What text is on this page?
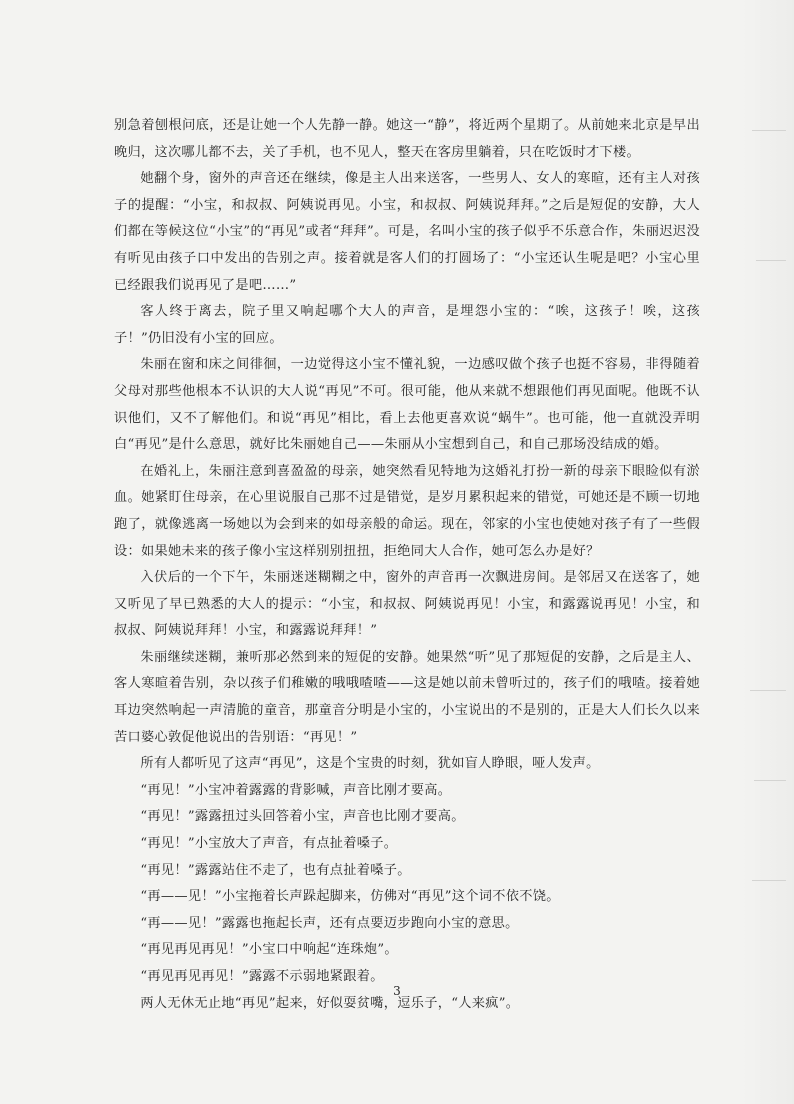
别急着刨根问底，还是让她一个人先静一静。她这一“静”，将近两个星期了。从前她来北京是早出晚归，这次哪儿都不去，关了手机，也不见人，整天在客房里躺着，只在吃饭时才下楼。

她翻个身，窗外的声音还在继续，像是主人出来送客，一些男人、女人的寒暄，还有主人对孩子的提醒：“小宝，和叔叔、阿姨说再见。小宝，和叔叔、阿姨说拜拜。”之后是短促的安静，大人们都在等候这位“小宝”的“再见”或者“拜拜”。可是，名叫小宝的孩子似乎不乐意合作，朱丽迟迟没有听见由孩子口中发出的告别之声。接着就是客人们的打圆场了：“小宝还认生呢是吧？小宝心里已经跟我们说再见了是吧……”

客人终于离去，院子里又响起哪个大人的声音，是埋怨小宝的：“唉，这孩子！唉，这孩子！”仍旧没有小宝的回应。

朱丽在窗和床之间徘徊，一边觉得这小宝不懂礼貌，一边感叹做个孩子也挺不容易，非得随着父母对那些他根本不认识的大人说“再见”不可。很可能，他从来就不想跟他们再见面呢。他既不认识他们，又不了解他们。和说“再见”相比，看上去他更喜欢说“蜗牛”。也可能，他一直就没弄明白“再见”是什么意思，就好比朱丽她自己——朱丽从小宝想到自己，和自己那场没结成的婚。

在婚礼上，朱丽注意到喜盈盈的母亲，她突然看见特地为这婚礼打扮一新的母亲下眼睑似有淤血。她紧盯住母亲，在心里说服自己那不过是错觉，是岁月累积起来的错觉，可她还是不顾一切地跑了，就像逃离一场她以为会到来的如母亲般的命运。现在，邻家的小宝也使她对孩子有了一些假设：如果她未来的孩子像小宝这样别别扭扭，拒绝同大人合作，她可怎么办是好？

入伏后的一个下午，朱丽迷迷糊糊之中，窗外的声音再一次飘进房间。是邻居又在送客了，她又听见了早已熟悉的大人的提示：“小宝，和叔叔、阿姨说再见！小宝，和露露说再见！小宝，和叔叔、阿姨说拜拜！小宝，和露露说拜拜！”

朱丽继续迷糊，兼听那必然到来的短促的安静。她果然“听”见了那短促的安静，之后是主人、客人寒暄着告别，杂以孩子们稚嫩的哦哦喳喳——这是她以前未曾听过的，孩子们的哦喳。接着她耳边突然响起一声清脆的童音，那童音分明是小宝的，小宝说出的不是别的，正是大人们长久以来苦口婆心敦促他说出的告别语：“再见！”

所有人都听见了这声“再见”，这是个宝贵的时刻，犹如盲人睁眼，哑人发声。

“再见！”小宝冲着露露的背影喊，声音比刚才要高。

“再见！”露露扭过头回答着小宝，声音也比刚才要高。

“再见！”小宝放大了声音，有点扯着嗓子。

“再见！”露露站住不走了，也有点扯着嗓子。

“再——见！”小宝拖着长声跺起脚来，仿佛对“再见”这个词不依不饶。

“再——见！”露露也拖起长声，还有点要迈步跑向小宝的意思。

“再见再见再见！”小宝口中响起“连珠炮”。

“再见再见再见！”露露不示弱地紧跟着。

两人无休无止地“再见”起来，好似耍贫嘴，逗乐子，“人来疯”。

3
